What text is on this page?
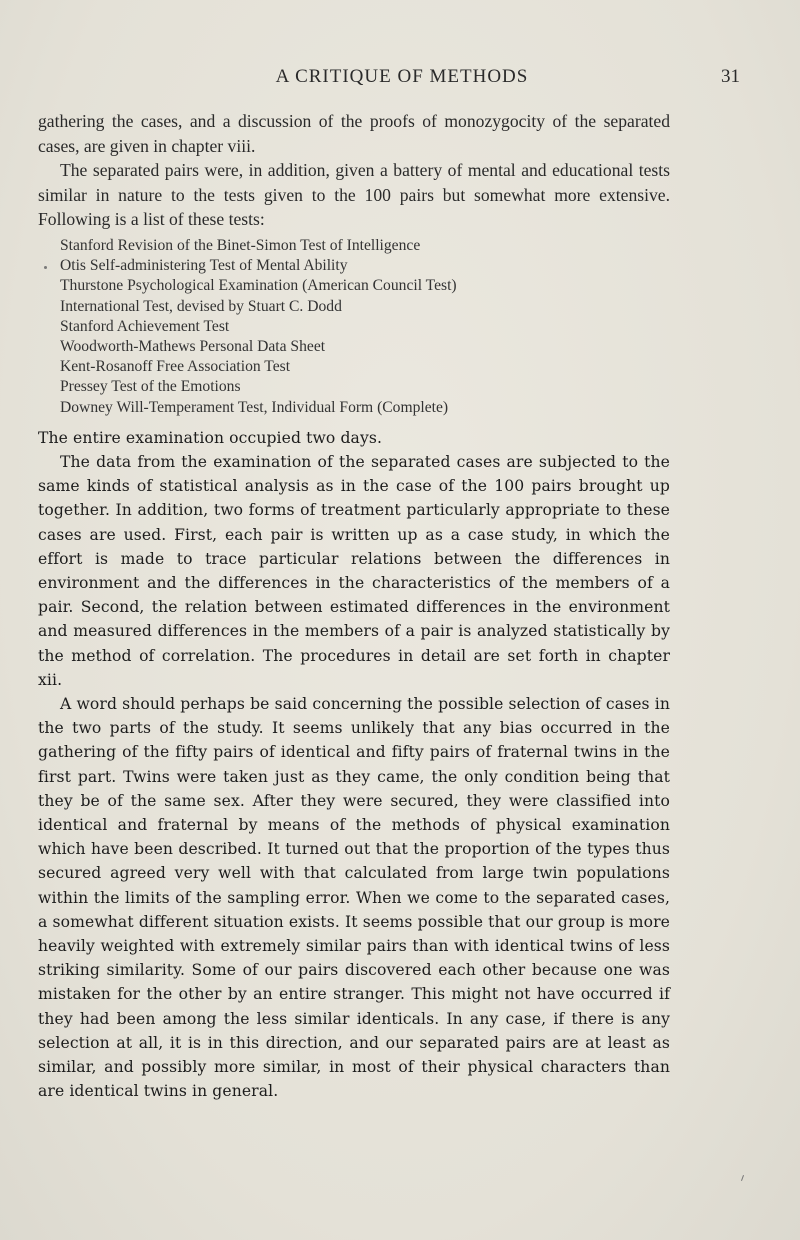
A CRITIQUE OF METHODS	31

gathering the cases, and a discussion of the proofs of monozygocity of the separated cases, are given in chapter viii.

The separated pairs were, in addition, given a battery of mental and educational tests similar in nature to the tests given to the 100 pairs but somewhat more extensive. Following is a list of these tests:

Stanford Revision of the Binet-Simon Test of Intelligence
Otis Self-administering Test of Mental Ability
Thurstone Psychological Examination (American Council Test)
International Test, devised by Stuart C. Dodd
Stanford Achievement Test
Woodworth-Mathews Personal Data Sheet
Kent-Rosanoff Free Association Test
Pressey Test of the Emotions
Downey Will-Temperament Test, Individual Form (Complete)

The entire examination occupied two days.

The data from the examination of the separated cases are subjected to the same kinds of statistical analysis as in the case of the 100 pairs brought up together. In addition, two forms of treatment particularly appropriate to these cases are used. First, each pair is written up as a case study, in which the effort is made to trace particular relations between the differences in environment and the differences in the characteristics of the members of a pair. Second, the relation between estimated differences in the environment and measured differences in the members of a pair is analyzed statistically by the method of correlation. The procedures in detail are set forth in chapter xii.

A word should perhaps be said concerning the possible selection of cases in the two parts of the study. It seems unlikely that any bias occurred in the gathering of the fifty pairs of identical and fifty pairs of fraternal twins in the first part. Twins were taken just as they came, the only condition being that they be of the same sex. After they were secured, they were classified into identical and fraternal by means of the methods of physical examination which have been described. It turned out that the proportion of the types thus secured agreed very well with that calculated from large twin populations within the limits of the sampling error. When we come to the separated cases, a somewhat different situation exists. It seems possible that our group is more heavily weighted with extremely similar pairs than with identical twins of less striking similarity. Some of our pairs discovered each other because one was mistaken for the other by an entire stranger. This might not have occurred if they had been among the less similar identicals. In any case, if there is any selection at all, it is in this direction, and our separated pairs are at least as similar, and possibly more similar, in most of their physical characters than are identical twins in general.
